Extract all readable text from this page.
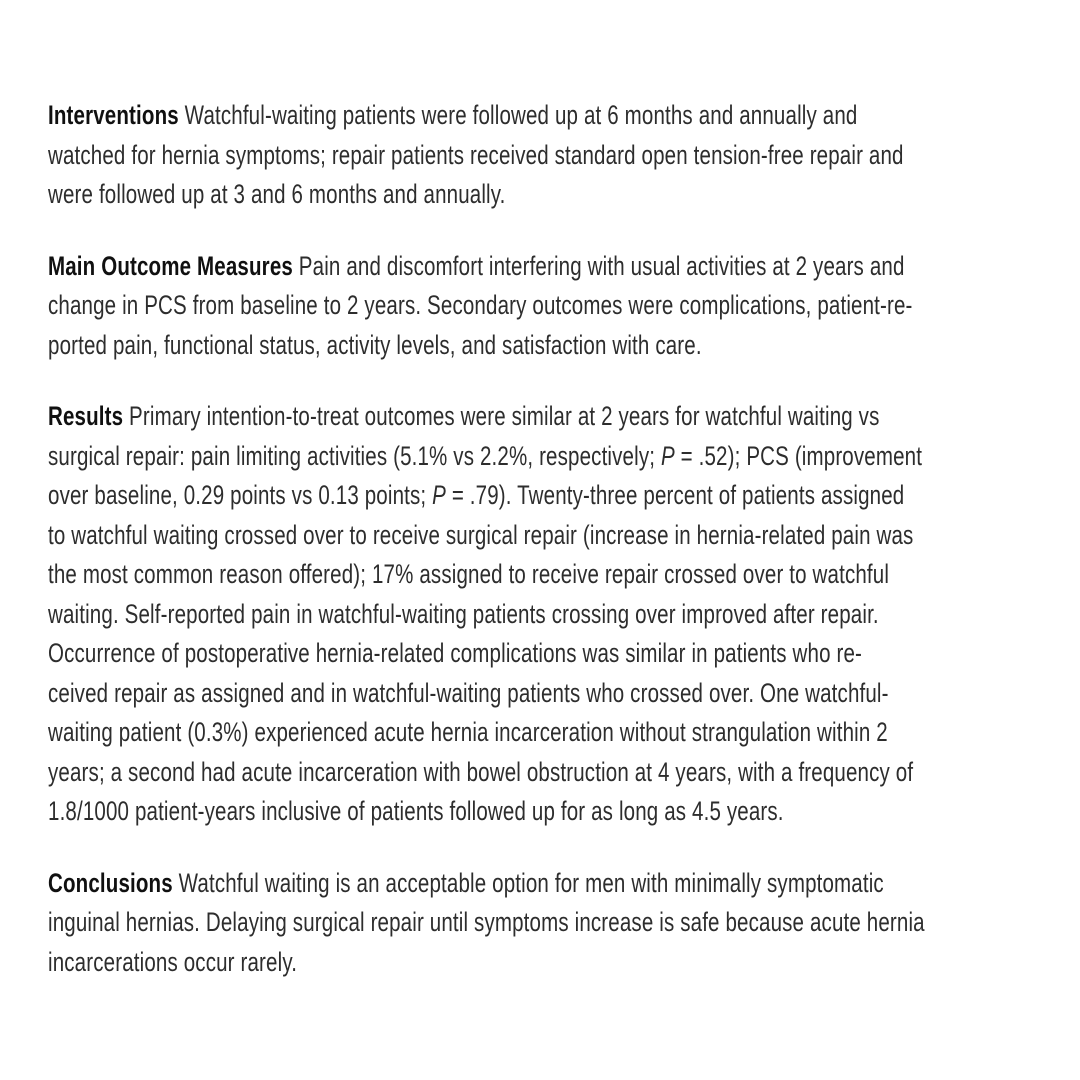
Interventions Watchful-waiting patients were followed up at 6 months and annually and
watched for hernia symptoms; repair patients received standard open tension-free repair and
were followed up at 3 and 6 months and annually.

Main Outcome Measures Pain and discomfort interfering with usual activities at 2 years and
change in PCS from baseline to 2 years. Secondary outcomes were complications, patient-re-
ported pain, functional status, activity levels, and satisfaction with care.

Results Primary intention-to-treat outcomes were similar at 2 years for watchful waiting vs
surgical repair: pain limiting activities (5.1% vs 2.2%, respectively; P = .52); PCS (improvement
over baseline, 0.29 points vs 0.13 points; P = .79). Twenty-three percent of patients assigned
to watchful waiting crossed over to receive surgical repair (increase in hernia-related pain was
the most common reason offered); 17% assigned to receive repair crossed over to watchful
waiting. Self-reported pain in watchful-waiting patients crossing over improved after repair.
Occurrence of postoperative hernia-related complications was similar in patients who re-
ceived repair as assigned and in watchful-waiting patients who crossed over. One watchful-
waiting patient (0.3%) experienced acute hernia incarceration without strangulation within 2
years; a second had acute incarceration with bowel obstruction at 4 years, with a frequency of
1.8/1000 patient-years inclusive of patients followed up for as long as 4.5 years.

Conclusions Watchful waiting is an acceptable option for men with minimally symptomatic
inguinal hernias. Delaying surgical repair until symptoms increase is safe because acute hernia
incarcerations occur rarely.
